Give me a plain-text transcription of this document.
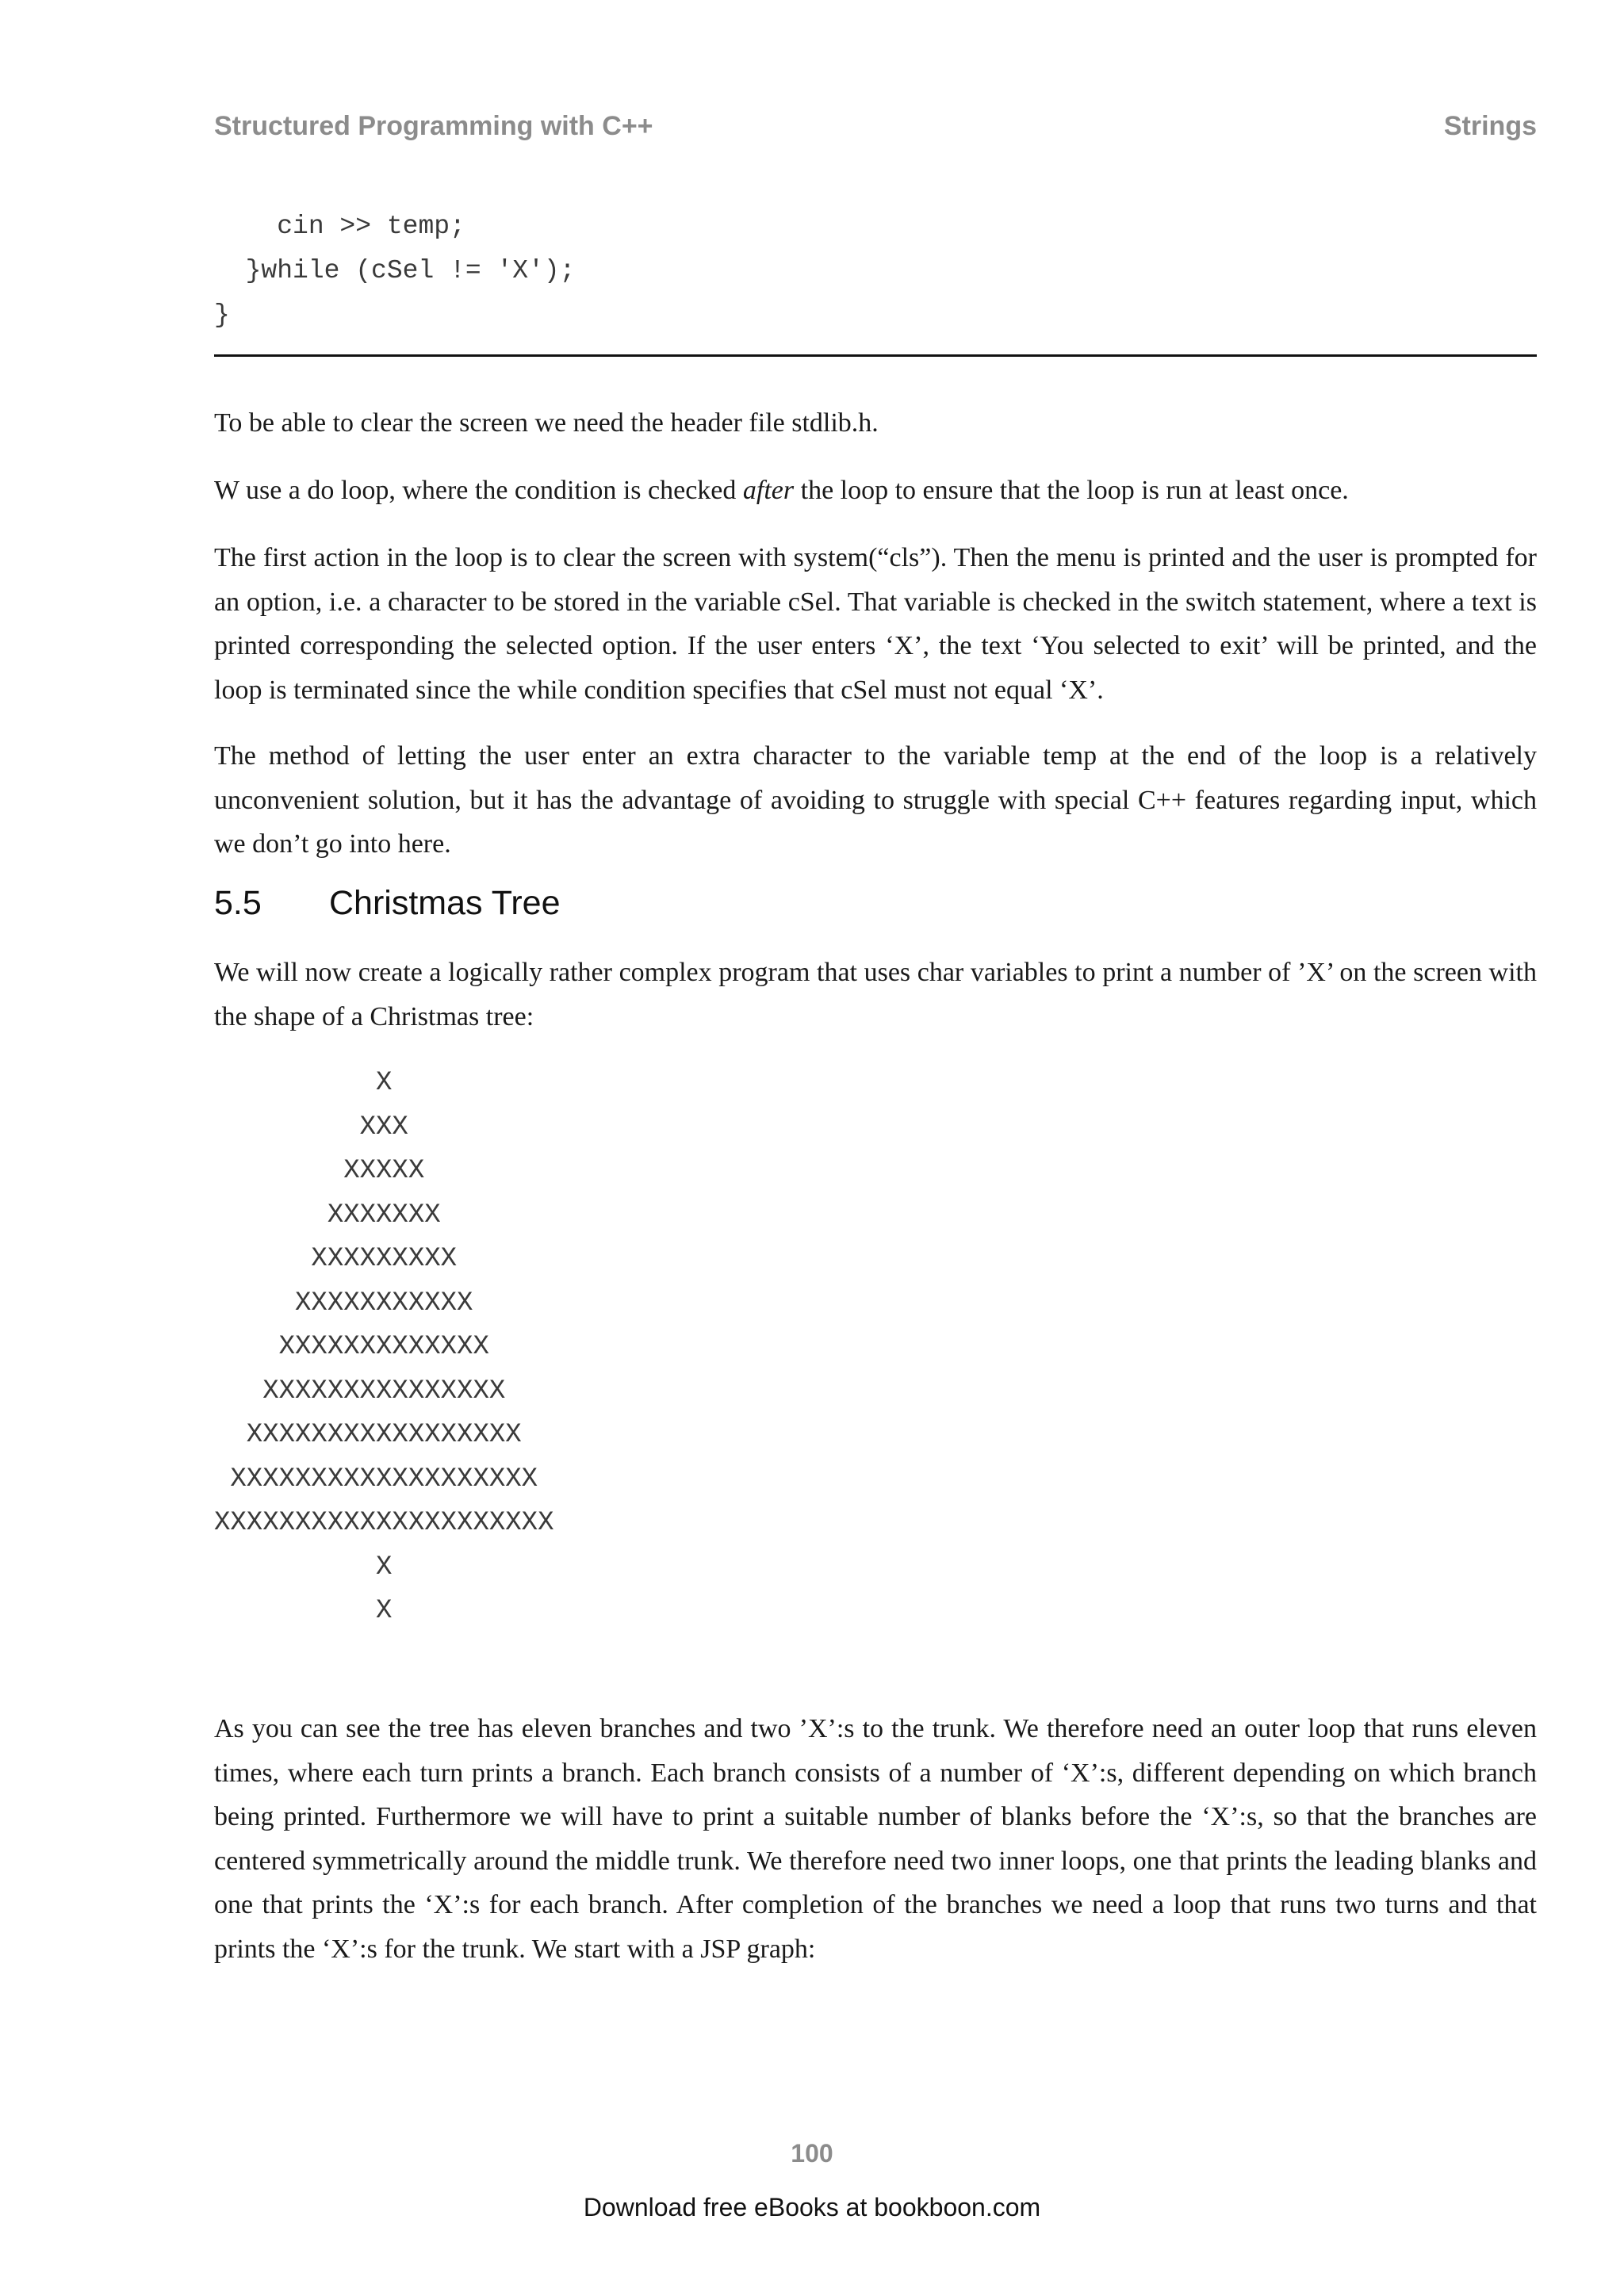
Structured Programming with C++	Strings
cin >> temp;
}while (cSel != 'X');
}

To be able to clear the screen we need the header file stdlib.h.

W use a do loop, where the condition is checked after the loop to ensure that the loop is run at least once.

The first action in the loop is to clear the screen with system(“cls”). Then the menu is printed and the user is prompted for an option, i.e. a character to be stored in the variable cSel. That variable is checked in the switch statement, where a text is printed corresponding the selected option. If the user enters ‘X’, the text ‘You selected to exit’ will be printed, and the loop is terminated since the while condition specifies that cSel must not equal ‘X’.

The method of letting the user enter an extra character to the variable temp at the end of the loop is a relatively unconvenient solution, but it has the advantage of avoiding to struggle with special C++ features regarding input, which we don’t go into here.

5.5 Christmas Tree

We will now create a logically rather complex program that uses char variables to print a number of ’X’ on the screen with the shape of a Christmas tree:

X
XXX
XXXXX
XXXXXXX
XXXXXXXXX
XXXXXXXXXXX
XXXXXXXXXXXXX
XXXXXXXXXXXXXXX
XXXXXXXXXXXXXXXXX
XXXXXXXXXXXXXXXXXXX
XXXXXXXXXXXXXXXXXXXXX
X
X

As you can see the tree has eleven branches and two ’X’:s to the trunk. We therefore need an outer loop that runs eleven times, where each turn prints a branch. Each branch consists of a number of ‘X’:s, different depending on which branch being printed. Furthermore we will have to print a suitable number of blanks before the ‘X’:s, so that the branches are centered symmetrically around the middle trunk. We therefore need two inner loops, one that prints the leading blanks and one that prints the ‘X’:s for each branch. After completion of the branches we need a loop that runs two turns and that prints the ‘X’:s for the trunk. We start with a JSP graph:

100
Download free eBooks at bookboon.com
